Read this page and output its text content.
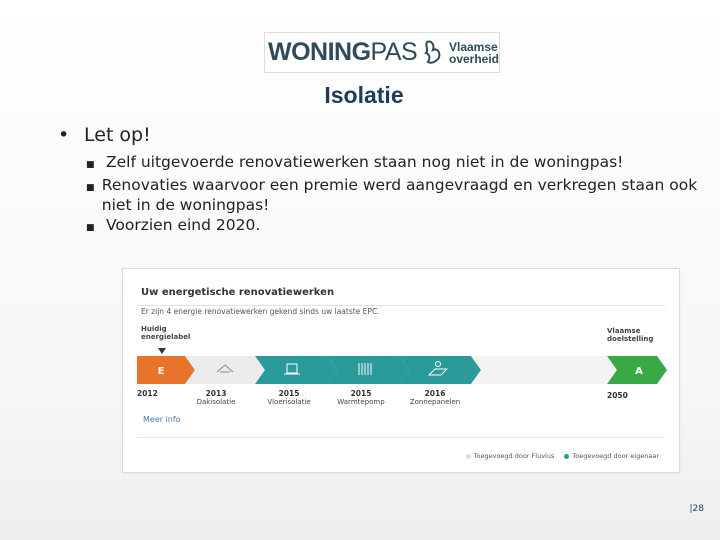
WONINGPAS	Vlaamse
overheid
Isolatie
• Let op!
■ Zelf uitgevoerde renovatiewerken staan nog niet in de woningpas!
■ Renovaties waarvoor een premie werd aangevraagd en verkregen staan ook niet in de woningpas!
■ Voorzien eind 2020.
Uw energetische renovatiewerken
Er zijn 4 energie renovatiewerken gekend sinds uw laatste EPC.
Huidig
energielabel
Vlaamse
doelstelling
E	A
2012	2013
Dakisolatie
2015
Vloerisolatie
2015
Warmtepomp
2016
Zonnepanelen
2050
Meer info
Toegevoegd door Fluvius	Toegevoegd door eigenaar
|28
